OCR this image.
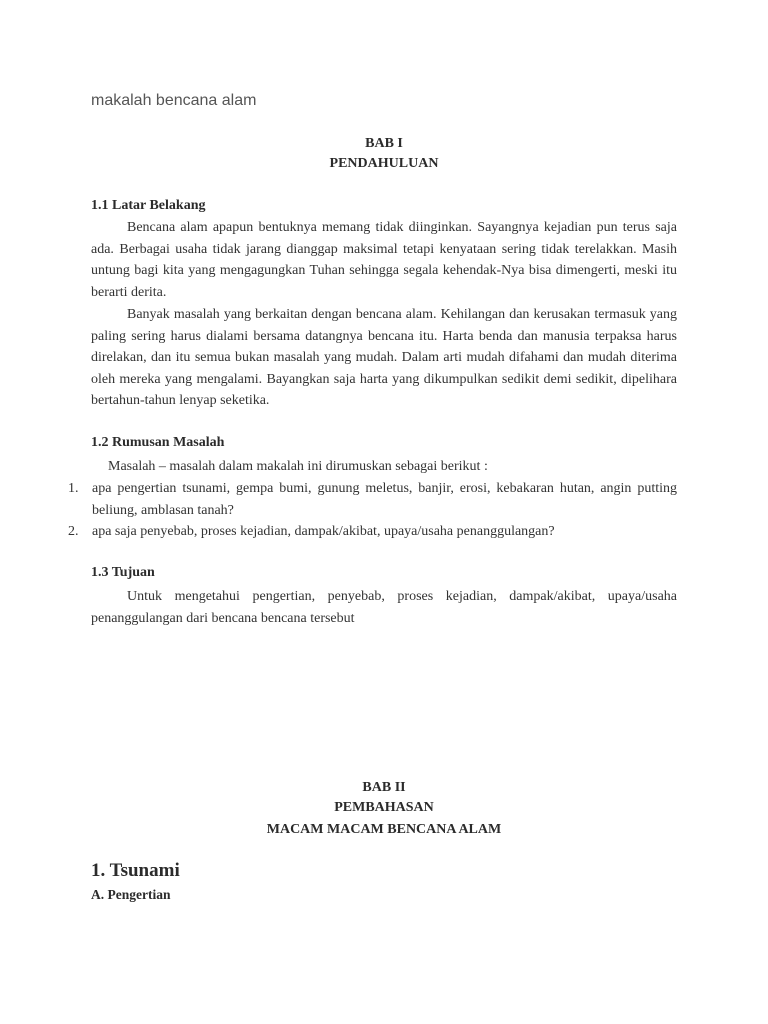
makalah bencana alam

BAB I

PENDAHULUAN

1.1 Latar Belakang

Bencana alam apapun bentuknya memang tidak diinginkan. Sayangnya kejadian pun terus saja ada. Berbagai usaha tidak jarang dianggap maksimal tetapi kenyataan sering tidak terelakkan. Masih untung bagi kita yang mengagungkan Tuhan sehingga segala kehendak-Nya bisa dimengerti, meski itu berarti derita.

Banyak masalah yang berkaitan dengan bencana alam. Kehilangan dan kerusakan termasuk yang paling sering harus dialami bersama datangnya bencana itu. Harta benda dan manusia terpaksa harus direlakan, dan itu semua bukan masalah yang mudah. Dalam arti mudah difahami dan mudah diterima oleh mereka yang mengalami. Bayangkan saja harta yang dikumpulkan sedikit demi sedikit, dipelihara bertahun-tahun lenyap seketika.

1.2 Rumusan Masalah

Masalah – masalah dalam makalah ini dirumuskan sebagai berikut :

1. apa pengertian tsunami, gempa bumi, gunung meletus, banjir, erosi, kebakaran hutan, angin putting beliung, amblasan tanah?
2. apa saja penyebab, proses kejadian, dampak/akibat, upaya/usaha penanggulangan?

1.3 Tujuan

Untuk mengetahui pengertian, penyebab, proses kejadian, dampak/akibat, upaya/usaha penanggulangan dari bencana bencana tersebut

BAB II

PEMBAHASAN

MACAM MACAM BENCANA ALAM

1. Tsunami

A. Pengertian
